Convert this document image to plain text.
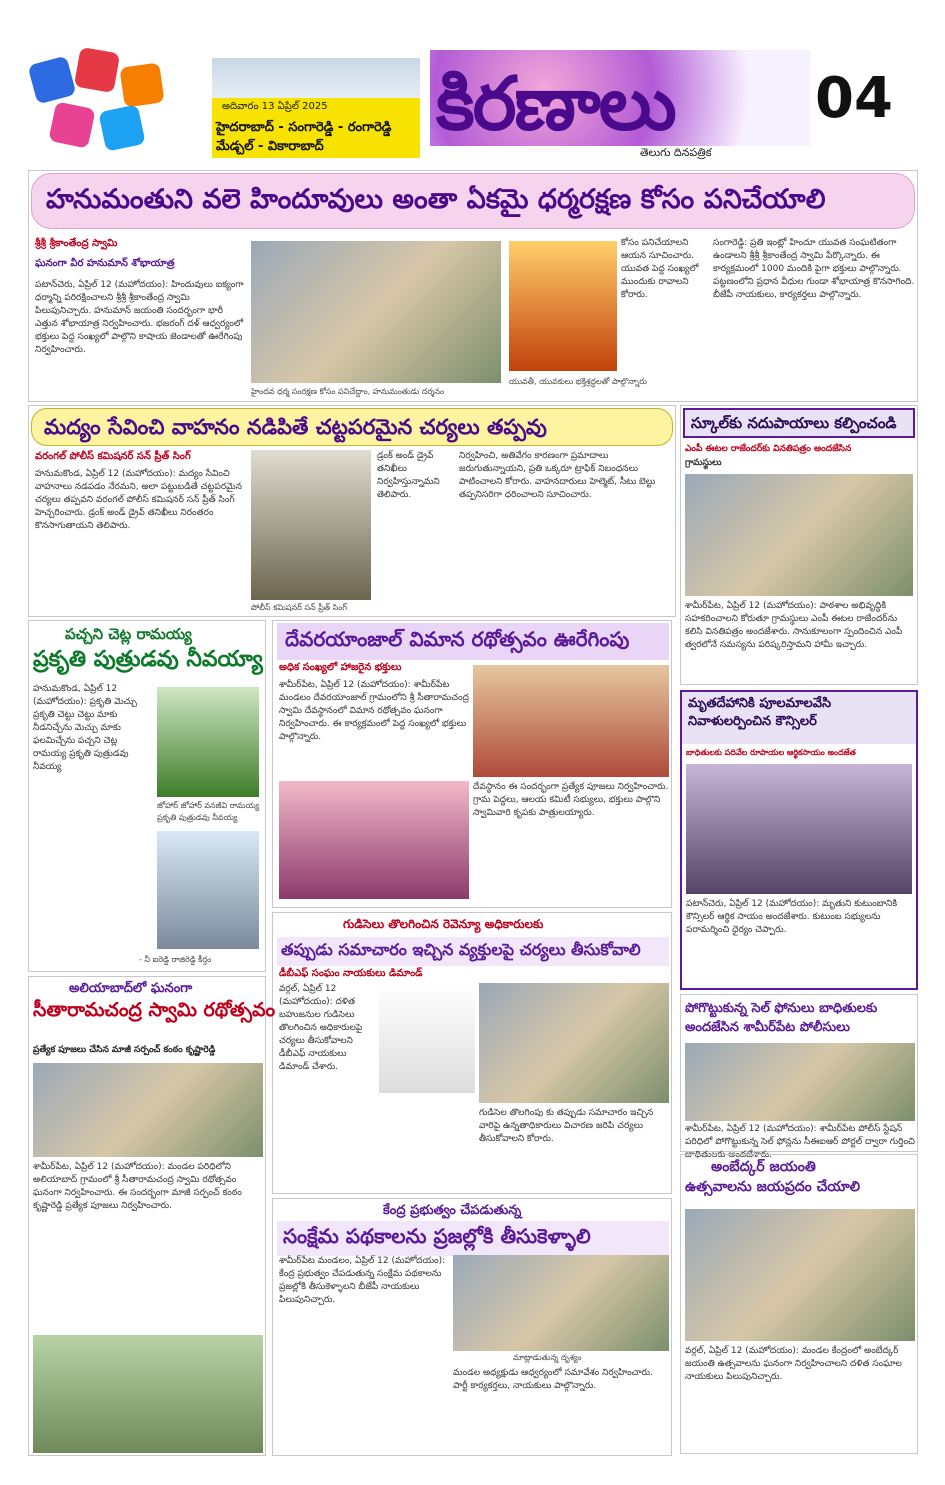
అదివారం 13 ఏప్రిల్ 2025
హైదరాబాద్ - సంగారెడ్డి - రంగారెడ్డి
మేడ్చల్ - వికారాబాద్	కిరణాలు
తెలుగు దినపత్రిక
04
హనుమంతుని వలె హిందూవులు అంతా ఏకమై ధర్మరక్షణ కోసం పనిచేయాలి
శ్రీశ్రీ శ్రీకాంతేంద్ర స్వామి
ఘనంగా వీర హనుమాన్ శోభాయాత్ర
పటాన్‌చెరు, ఏప్రిల్ 12 (మహోదయం): హిందువులు ఐక్యంగా ధర్మాన్ని పరిరక్షించాలని శ్రీశ్రీ శ్రీకాంతేంద్ర స్వామి పిలుపునిచ్చారు. హనుమాన్ జయంతి సందర్భంగా భారీ ఎత్తున శోభాయాత్ర నిర్వహించారు. భజరంగ్ దళ్ ఆధ్వర్యంలో భక్తులు పెద్ద సంఖ్యలో పాల్గొని కాషాయ జెండాలతో ఊరేగింపు నిర్వహించారు.
హైందవ ధర్మ సంరక్షణ కోసం పనిచేద్దాం, హనుమంతుడు దర్శనం
కోసం పనిచేయాలని ఆయన సూచించారు. యువత పెద్ద సంఖ్యలో ముందుకు రావాలని కోరారు.
యువతీ, యువకులు భక్తిశ్రద్ధలతో పాల్గొన్నారు
సంగారెడ్డి: ప్రతి ఇంట్లో హిందూ యువత సంఘటితంగా ఉండాలని శ్రీశ్రీ శ్రీకాంతేంద్ర స్వామి పేర్కొన్నారు. ఈ కార్యక్రమంలో 1000 మందికి పైగా భక్తులు పాల్గొన్నారు. పట్టణంలోని ప్రధాన వీధుల గుండా శోభాయాత్ర కొనసాగింది. బీజేపీ నాయకులు, కార్యకర్తలు పాల్గొన్నారు.
మద్యం సేవించి వాహనం నడిపితే చట్టపరమైన చర్యలు తప్పవు
వరంగల్ పోలీస్ కమిషనర్ సన్ ప్రీత్ సింగ్
హనుమకొండ, ఏప్రిల్ 12 (మహోదయం): మద్యం సేవించి వాహనాలు నడపడం నేరమని, అలా పట్టుబడితే చట్టపరమైన చర్యలు తప్పవని వరంగల్ పోలీస్ కమిషనర్ సన్ ప్రీత్ సింగ్ హెచ్చరించారు. డ్రంక్ అండ్ డ్రైవ్ తనిఖీలు నిరంతరం కొనసాగుతాయని తెలిపారు.
పోలీస్ కమిషనర్ సన్ ప్రీత్ సింగ్
డ్రంక్ అండ్ డ్రైవ్ తనిఖీలు నిర్వహిస్తున్నామని తెలిపారు.
నిర్వహించి, అతివేగం కారణంగా ప్రమాదాలు జరుగుతున్నాయని, ప్రతి ఒక్కరూ ట్రాఫిక్ నిబంధనలు పాటించాలని కోరారు. వాహనదారులు హెల్మెట్, సీటు బెల్టు తప్పనిసరిగా ధరించాలని సూచించారు.
స్కూల్‌కు నదుపాయాలు కల్పించండి
ఎంపీ ఈటల రాజేందర్‌కు వినతిపత్రం అందజేసిన
గ్రామస్థులు
శామీర్‌పేట, ఏప్రిల్ 12 (మహోదయం): పాఠశాల అభివృద్ధికి సహకరించాలని కోరుతూ గ్రామస్థులు ఎంపీ ఈటల రాజేందర్‌ను కలిసి వినతిపత్రం అందజేశారు. సానుకూలంగా స్పందించిన ఎంపీ త్వరలోనే సమస్యను పరిష్కరిస్తామని హామీ ఇచ్చారు.
పచ్చని చెట్ల రామయ్య
ప్రకృతి పుత్రుడవు నీవయ్యా
హనుమకొండ, ఏప్రిల్ 12 (మహోదయం): ప్రకృతి మెచ్చు ప్రకృతి చెట్టు చెట్టు మాకు నీడనిచ్చేను మెచ్చు మాకు ఫలమిచ్చేను పచ్చని చెట్ల రామయ్య ప్రకృతి పుత్రుడవు నీవయ్య
జోహార్ జోహార్ వనజీవి రామయ్య
ప్రకృతి పుత్రుడవు నీవయ్య
- నీ ఐరెడ్డి రాజిరెడ్డి కీర్తం
దేవరయాంజాల్ విమాన రథోత్సవం ఊరేగింపు
అధిక సంఖ్యలో హాజరైన భక్తులు
శామీర్‌పేట, ఏప్రిల్ 12 (మహోదయం): శామీర్‌పేట మండలం దేవరయాంజాల్ గ్రామంలోని శ్రీ సీతారామచంద్ర స్వామి దేవస్థానంలో విమాన రథోత్సవం ఘనంగా నిర్వహించారు. ఈ కార్యక్రమంలో పెద్ద సంఖ్యలో భక్తులు పాల్గొన్నారు.
దేవస్థానం ఈ సందర్భంగా ప్రత్యేక పూజలు నిర్వహించారు. గ్రామ పెద్దలు, ఆలయ కమిటీ సభ్యులు, భక్తులు పాల్గొని స్వామివారి కృపకు పాత్రులయ్యారు.
గుడిసెలు తొలగించిన రెవెన్యూ అధికారులకు
తప్పుడు సమాచారం ఇచ్చిన వ్యక్తులపై చర్యలు తీసుకోవాలి
డీబీఎఫ్ సంఘం నాయకులు డిమాండ్
వర్గల్, ఏప్రిల్ 12 (మహోదయం): దళిత బహుజనుల గుడిసెలు తొలగించిన అధికారులపై చర్యలు తీసుకోవాలని డీబీఎఫ్ నాయకులు డిమాండ్ చేశారు.
గుడిసెల తొలగింపు కు తప్పుడు సమాచారం ఇచ్చిన వారిపై ఉన్నతాధికారులు విచారణ జరిపి చర్యలు తీసుకోవాలని కోరారు.
మృతదేహానికి పూలమాలవేసి నివాళులర్పించిన కౌన్సిలర్
బాధితులకు పదివేల రూపాయల ఆర్థికసాయం అందజేత
పటాన్‌చెరు, ఏప్రిల్ 12 (మహోదయం): మృతుని కుటుంబానికి కౌన్సిలర్ ఆర్థిక సాయం అందజేశారు. కుటుంబ సభ్యులను పరామర్శించి ధైర్యం చెప్పారు.
అలియాబాద్‌లో ఘనంగా
సీతారామచంద్ర స్వామి రథోత్సవం
ప్రత్యేక పూజలు చేసిన మాజీ సర్పంచ్ కంఠం కృష్ణారెడ్డి
శామీర్‌పేట, ఏప్రిల్ 12 (మహోదయం): మండల పరిధిలోని అలియాబాద్ గ్రామంలో శ్రీ సీతారామచంద్ర స్వామి రథోత్సవం ఘనంగా నిర్వహించారు. ఈ సందర్భంగా మాజీ సర్పంచ్ కంఠం కృష్ణారెడ్డి ప్రత్యేక పూజలు నిర్వహించారు.
పోగొట్టుకున్న సెల్ ఫోనులు బాధితులకు అందజేసిన శామీర్‌పేట పోలీసులు
శామీర్‌పేట, ఏప్రిల్ 12 (మహోదయం): శామీర్‌పేట పోలీస్ స్టేషన్ పరిధిలో పోగొట్టుకున్న సెల్ ఫోన్లను సీఈఐఆర్ పోర్టల్ ద్వారా గుర్తించి బాధితులకు అందజేశారు.
అంబేద్కర్ జయంతి
ఉత్సవాలను జయప్రదం చేయాలి
వర్గల్, ఏప్రిల్ 12 (మహోదయం): మండల కేంద్రంలో అంబేద్కర్ జయంతి ఉత్సవాలను ఘనంగా నిర్వహించాలని దళిత సంఘాల నాయకులు పిలుపునిచ్చారు.
కేంద్ర ప్రభుత్వం చేపడుతున్న
సంక్షేమ పథకాలను ప్రజల్లోకి తీసుకెళ్ళాలి
శామీర్‌పేట మండలం, ఏప్రిల్ 12 (మహోదయం): కేంద్ర ప్రభుత్వం చేపడుతున్న సంక్షేమ పథకాలను ప్రజల్లోకి తీసుకెళ్ళాలని బీజేపీ నాయకులు పిలుపునిచ్చారు.
మాట్లాడుతున్న దృశ్యం
మండల అధ్యక్షుడు ఆధ్వర్యంలో సమావేశం నిర్వహించారు. పార్టీ కార్యకర్తలు, నాయకులు పాల్గొన్నారు.
